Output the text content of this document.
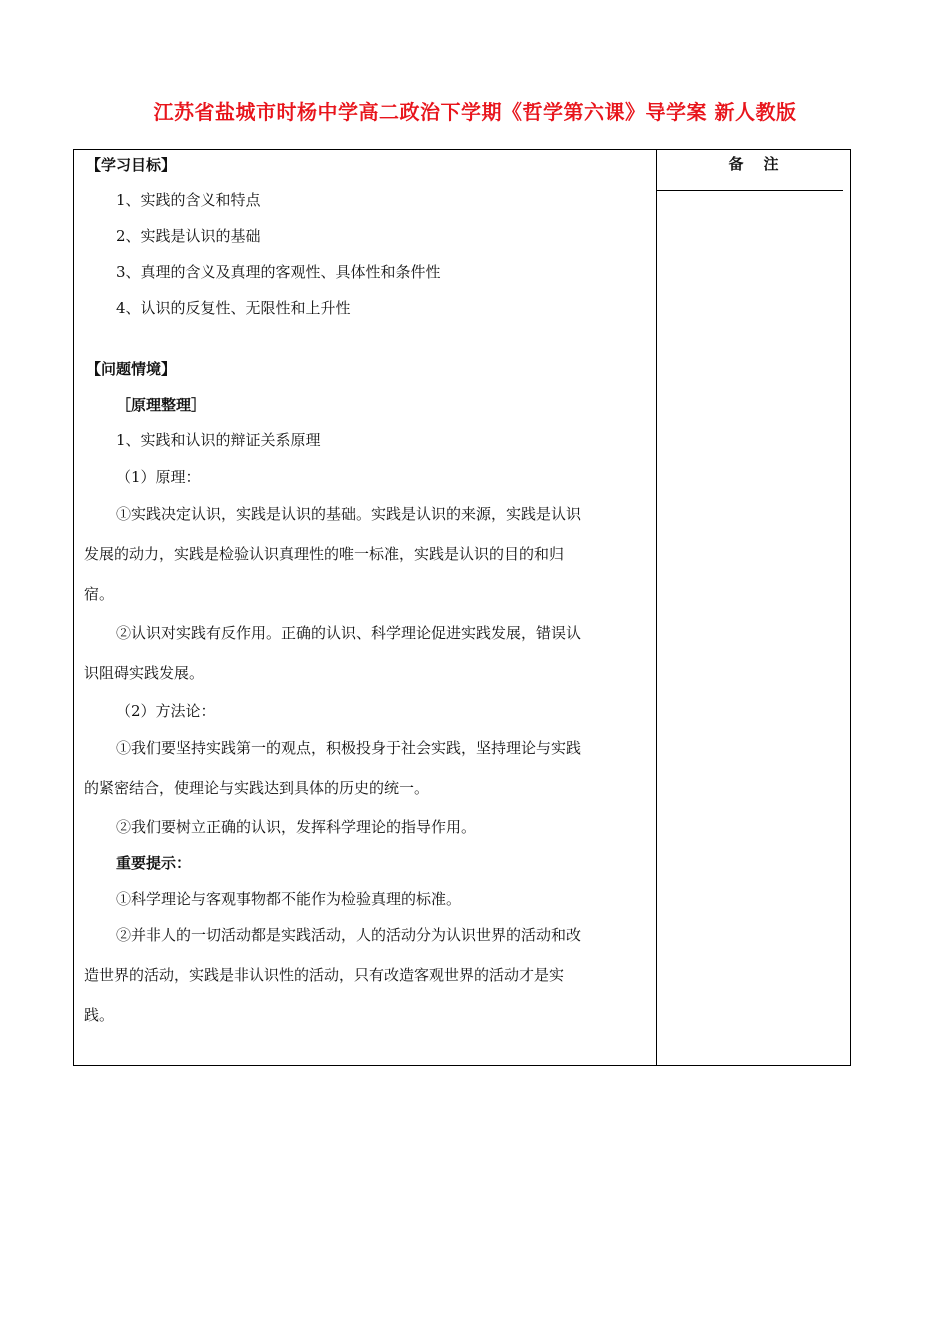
江苏省盐城市时杨中学高二政治下学期《哲学第六课》导学案 新人教版
备注
【学习目标】
1、实践的含义和特点
2、实践是认识的基础
3、真理的含义及真理的客观性、具体性和条件性
4、认识的反复性、无限性和上升性
【问题情境】
［原理整理］
1、实践和认识的辩证关系原理
（1）原理：
①实践决定认识，实践是认识的基础。实践是认识的来源，实践是认识
发展的动力，实践是检验认识真理性的唯一标准，实践是认识的目的和归
宿。
②认识对实践有反作用。正确的认识、科学理论促进实践发展，错误认
识阻碍实践发展。
（2）方法论：
①我们要坚持实践第一的观点，积极投身于社会实践，坚持理论与实践
的紧密结合，使理论与实践达到具体的历史的统一。
②我们要树立正确的认识，发挥科学理论的指导作用。
重要提示：
①科学理论与客观事物都不能作为检验真理的标准。
②并非人的一切活动都是实践活动，人的活动分为认识世界的活动和改
造世界的活动，实践是非认识性的活动，只有改造客观世界的活动才是实
践。
